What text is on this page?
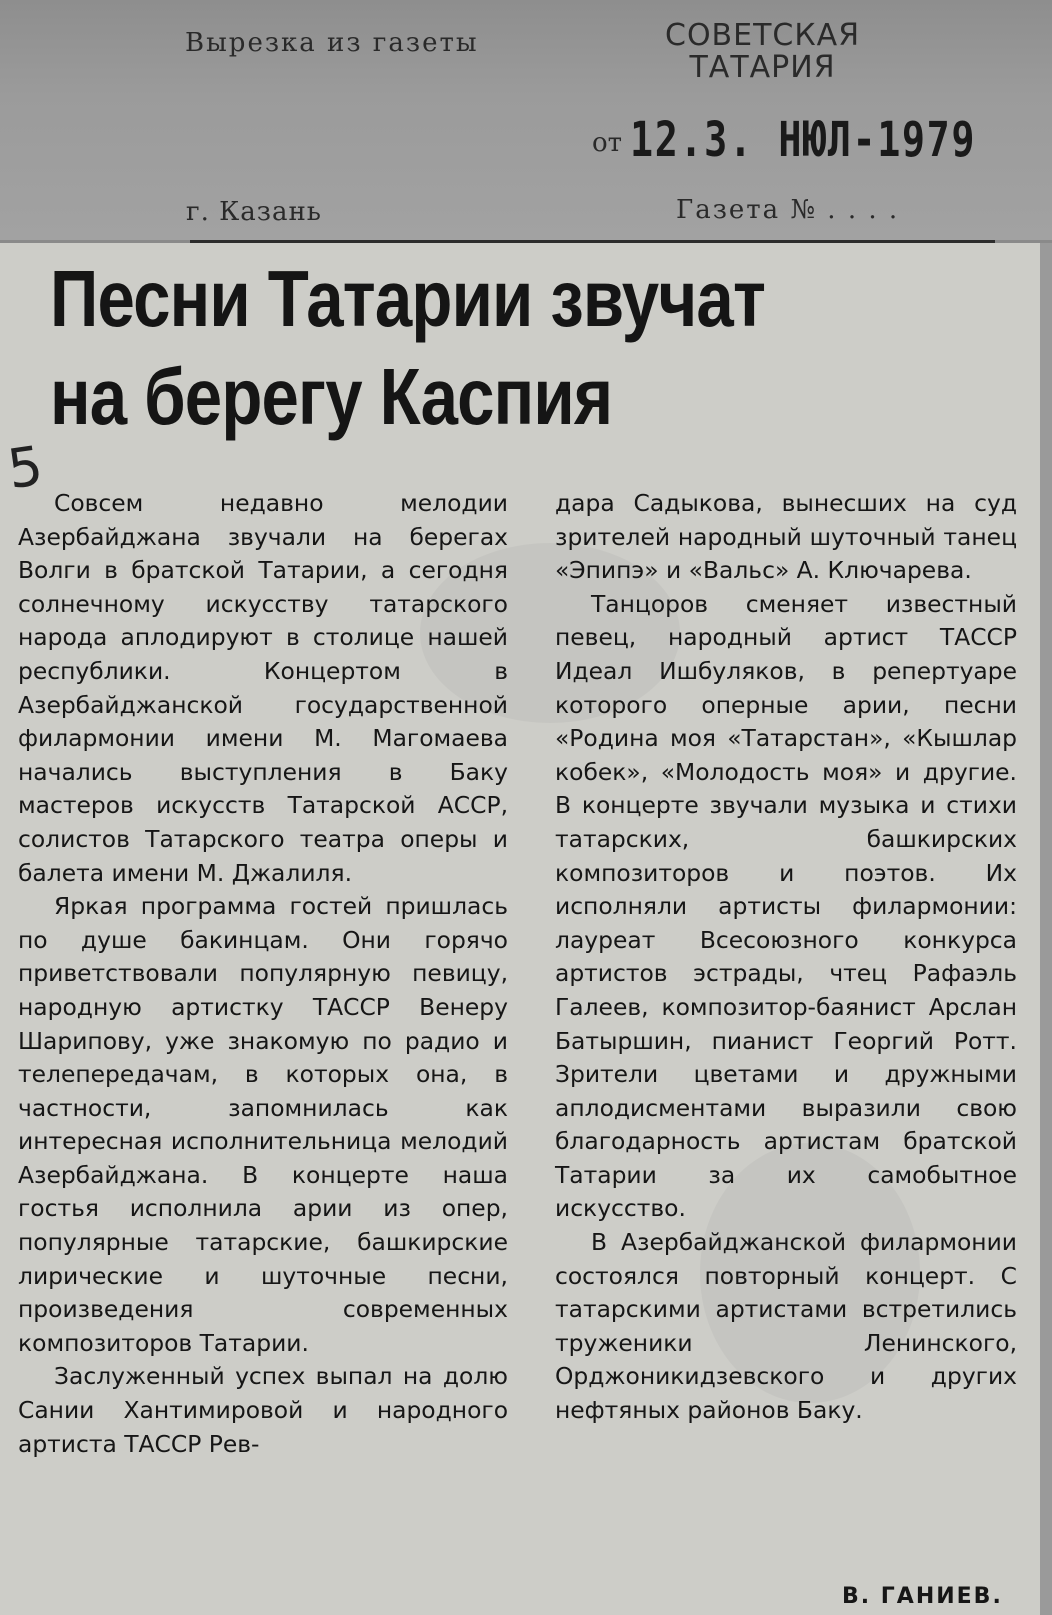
Вырезка из газеты	СОВЕТСКАЯ
ТАТАРИЯ
от 12.3. НЮЛ-1979
г. Казань	Газета № . . . .
Песни Татарии звучат
на берегу Каспия
5

Совсем недавно мелодии Азербайджана звучали на берегах Волги в братской Татарии, а сегодня солнечному искусству татарского народа аплодируют в столице нашей республики. Концертом в Азербайджанской государственной филармонии имени М. Магомаева начались выступления в Баку мастеров искусств Татарской АССР, солистов Татарского театра оперы и балета имени М. Джалиля.

Яркая программа гостей пришлась по душе бакинцам. Они горячо приветствовали популярную певицу, народную артистку ТАССР Венеру Шарипову, уже знакомую по радио и телепередачам, в которых она, в частности, запомнилась как интересная исполнительница мелодий Азербайджана. В концерте наша гостья исполнила арии из опер, популярные татарские, башкирские лирические и шуточные песни, произведения современных композиторов Татарии.

Заслуженный успех выпал на долю Сании Хантимировой и народного артиста ТАССР Рев-

дара Садыкова, вынесших на суд зрителей народный шуточный танец «Эпипэ» и «Вальс» А. Ключарева.

Танцоров сменяет известный певец, народный артист ТАССР Идеал Ишбуляков, в репертуаре которого оперные арии, песни «Родина моя «Татарстан», «Кышлар кобек», «Молодость моя» и другие. В концерте звучали музыка и стихи татарских, башкирских композиторов и поэтов. Их исполняли артисты филармонии: лауреат Всесоюзного конкурса артистов эстрады, чтец Рафаэль Галеев, композитор-баянист Арслан Батыршин, пианист Георгий Ротт. Зрители цветами и дружными аплодисментами выразили свою благодарность артистам братской Татарии за их самобытное искусство.

В Азербайджанской филармонии состоялся повторный концерт. С татарскими артистами встретились труженики Ленинского, Орджоникидзевского и других нефтяных районов Баку.

В. ГАНИЕВ.
